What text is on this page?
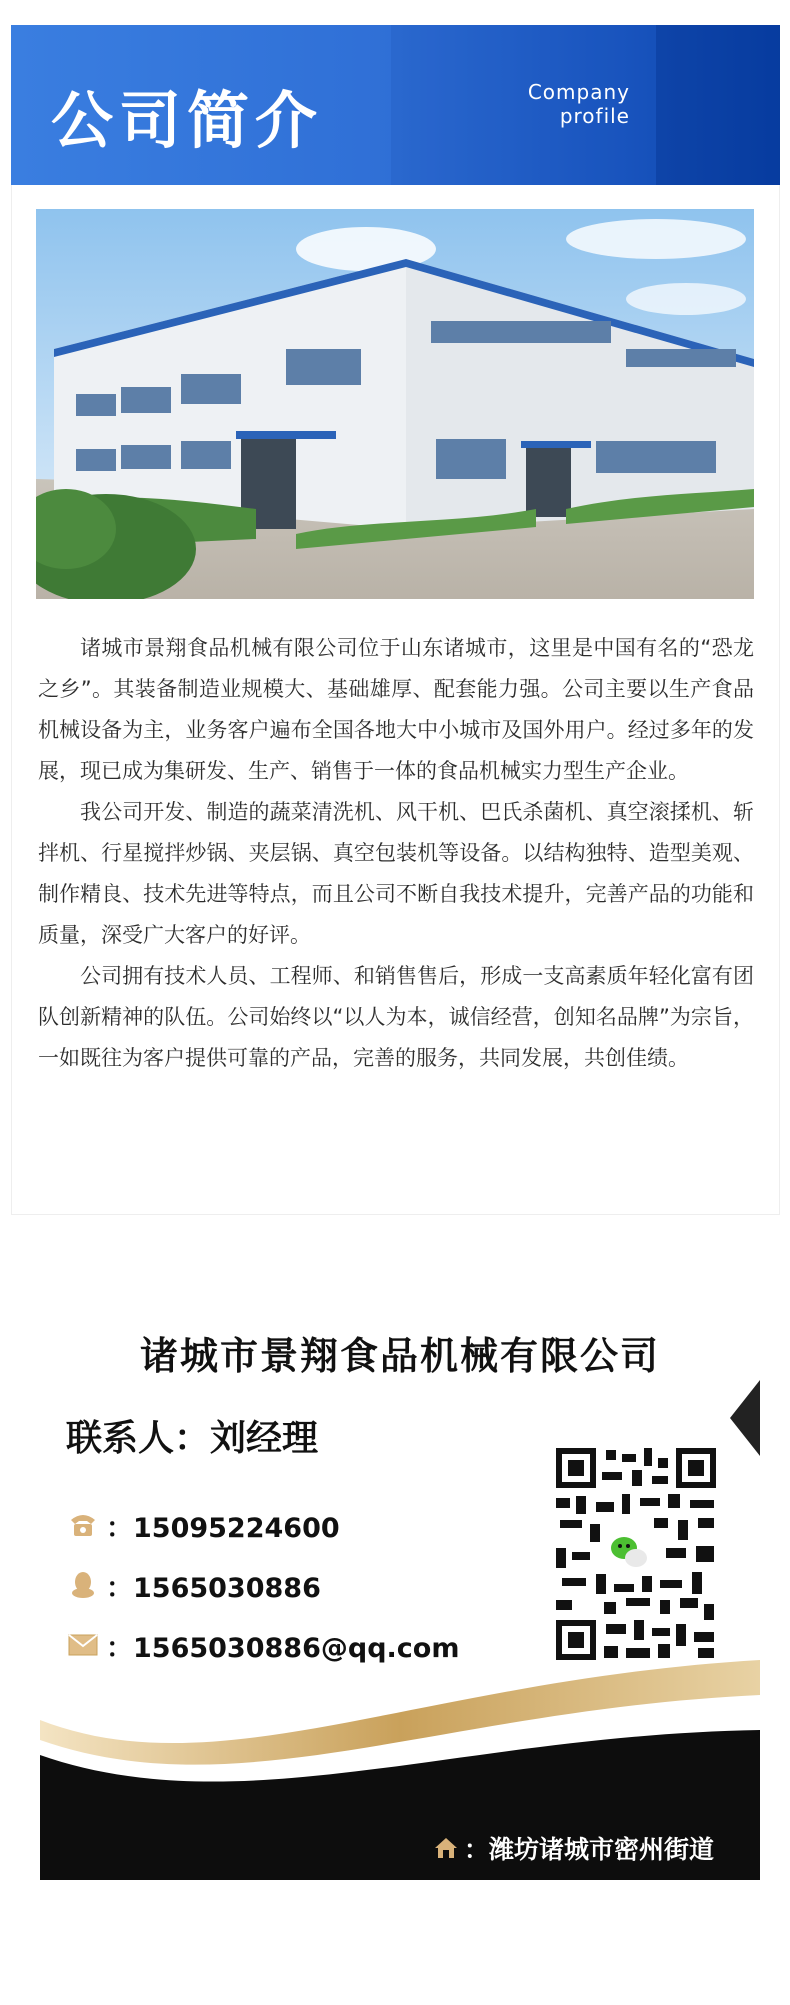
公司简介	Company
profile

诸城市景翔食品机械有限公司位于山东诸城市，这里是中国有名的“恐龙之乡”。其装备制造业规模大、基础雄厚、配套能力强。公司主要以生产食品机械设备为主，业务客户遍布全国各地大中小城市及国外用户。经过多年的发展，现已成为集研发、生产、销售于一体的食品机械实力型生产企业。

我公司开发、制造的蔬菜清洗机、风干机、巴氏杀菌机、真空滚揉机、斩拌机、行星搅拌炒锅、夹层锅、真空包装机等设备。以结构独特、造型美观、制作精良、技术先进等特点，而且公司不断自我技术提升，完善产品的功能和质量，深受广大客户的好评。

公司拥有技术人员、工程师、和销售售后，形成一支高素质年轻化富有团队创新精神的队伍。公司始终以“以人为本，诚信经营，创知名品牌”为宗旨，一如既往为客户提供可靠的产品，完善的服务，共同发展，共创佳绩。

诸城市景翔食品机械有限公司
联系人：刘经理
：15095224600
：1565030886
：1565030886@qq.com
：潍坊诸城市密州街道
